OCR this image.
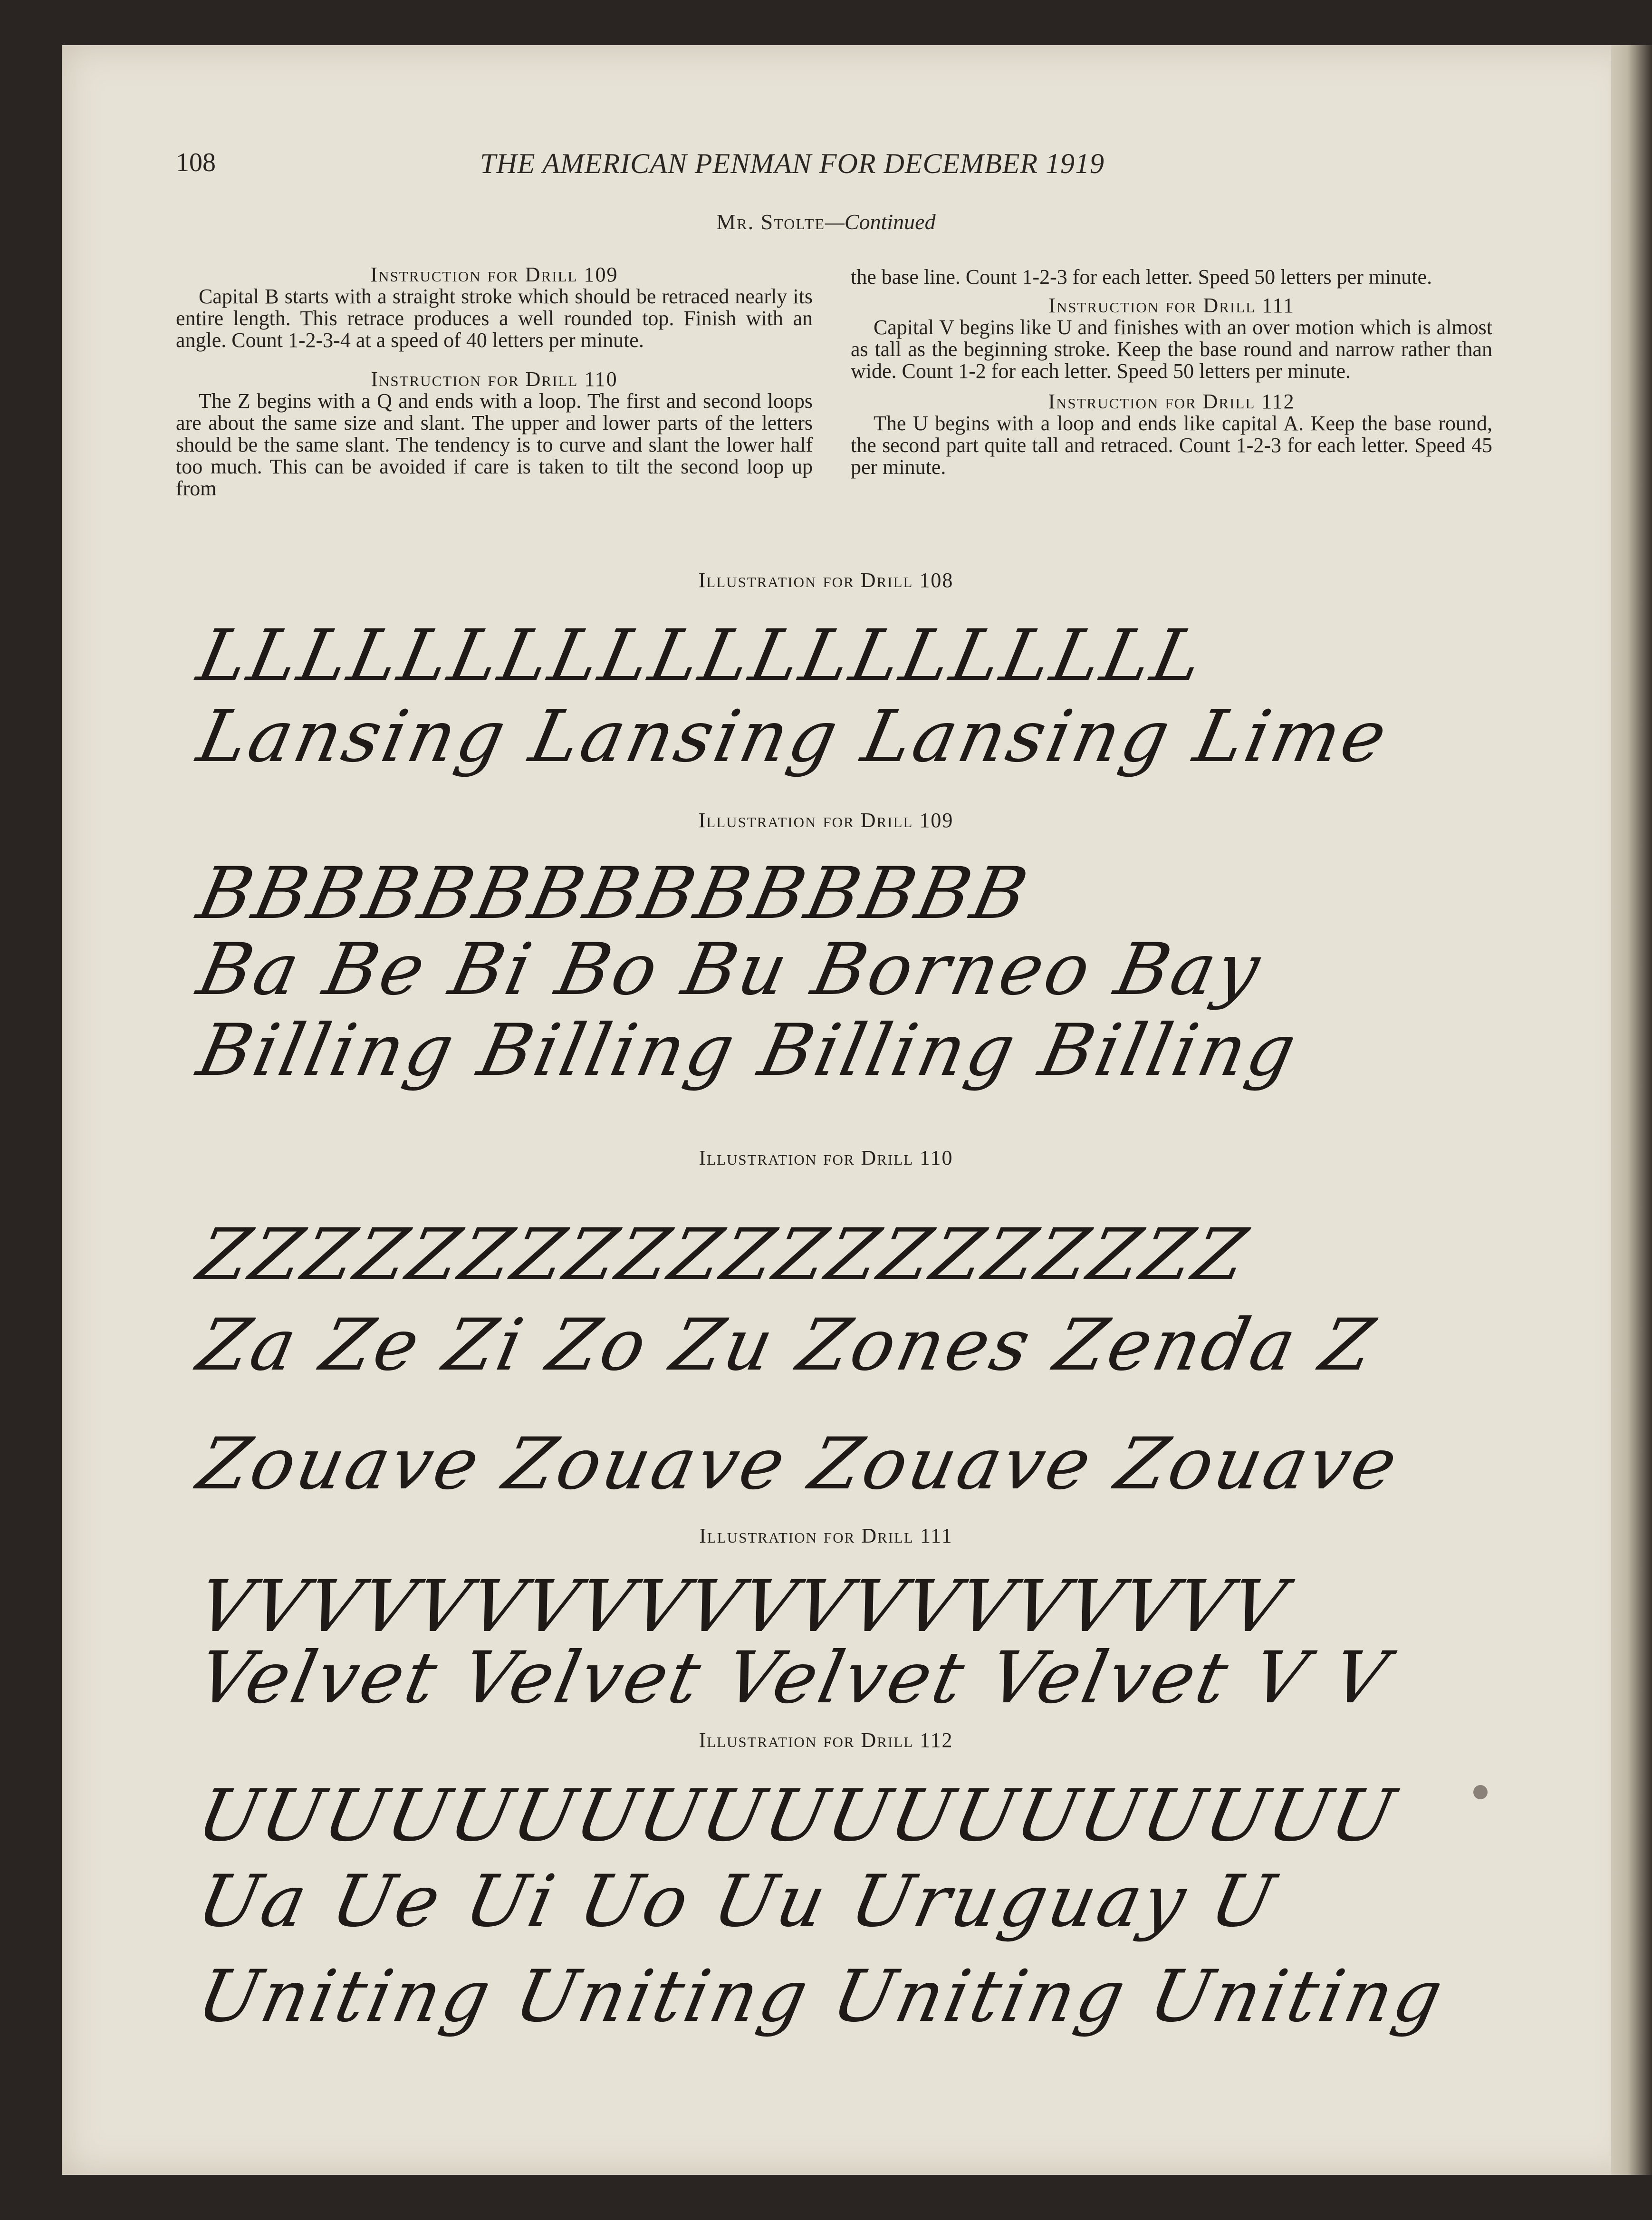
108	THE AMERICAN PENMAN FOR DECEMBER 1919
Mr. Stolte—Continued
Instruction for Drill 109

Capital B starts with a straight stroke which should be retraced nearly its entire length. This retrace produces a well rounded top. Finish with an angle. Count 1-2-3-4 at a speed of 40 letters per minute.

Instruction for Drill 110

The Z begins with a Q and ends with a loop. The first and second loops are about the same size and slant. The upper and lower parts of the letters should be the same slant. The tendency is to curve and slant the lower half too much. This can be avoided if care is taken to tilt the second loop up from

the base line. Count 1-2-3 for each letter. Speed 50 letters per minute.

Instruction for Drill 111

Capital V begins like U and finishes with an over motion which is almost as tall as the beginning stroke. Keep the base round and narrow rather than wide. Count 1-2 for each letter. Speed 50 letters per minute.

Instruction for Drill 112

The U begins with a loop and ends like capital A. Keep the base round, the second part quite tall and retraced. Count 1-2-3 for each letter. Speed 45 per minute.

Illustration for Drill 108
LLLLLLLLLLLLLLLLLLLL
Lansing Lansing Lansing Lime
Illustration for Drill 109
BBBBBBBBBBBBBBB
Ba Be Bi Bo Bu Borneo Bay
Billing Billing Billing Billing
Illustration for Drill 110
ZZZZZZZZZZZZZZZZZZZZ
Za Ze Zi Zo Zu Zones Zenda Z
Zouave Zouave Zouave Zouave
Illustration for Drill 111
VVVVVVVVVVVVVVVVVVVV
Velvet Velvet Velvet Velvet V V
Illustration for Drill 112
UUUUUUUUUUUUUUUUUUU
Ua Ue Ui Uo Uu Uruguay U
Uniting Uniting Uniting Uniting
